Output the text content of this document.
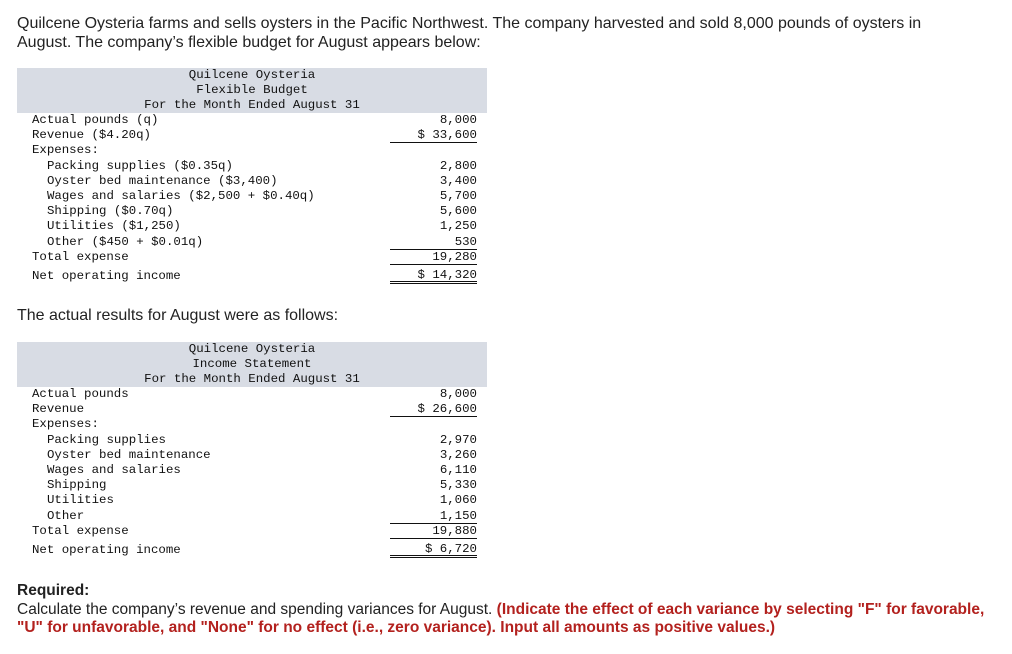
Quilcene Oysteria farms and sells oysters in the Pacific Northwest. The company harvested and sold 8,000 pounds of oysters in August. The company’s flexible budget for August appears below:
Quilcene Oysteria
Flexible Budget
For the Month Ended August 31
Actual pounds (q)	8,000
Revenue ($4.20q)	$ 33,600
Expenses:
Packing supplies ($0.35q)	2,800
Oyster bed maintenance ($3,400)	3,400
Wages and salaries ($2,500 + $0.40q)	5,700
Shipping ($0.70q)	5,600
Utilities ($1,250)	1,250
Other ($450 + $0.01q)	530
Total expense	19,280
Net operating income	$ 14,320
The actual results for August were as follows:
Quilcene Oysteria
Income Statement
For the Month Ended August 31
Actual pounds	8,000
Revenue	$ 26,600
Expenses:
Packing supplies	2,970
Oyster bed maintenance	3,260
Wages and salaries	6,110
Shipping	5,330
Utilities	1,060
Other	1,150
Total expense	19,880
Net operating income	$ 6,720
Required:
Calculate the company’s revenue and spending variances for August. (Indicate the effect of each variance by selecting "F" for favorable, "U" for unfavorable, and "None" for no effect (i.e., zero variance). Input all amounts as positive values.)
